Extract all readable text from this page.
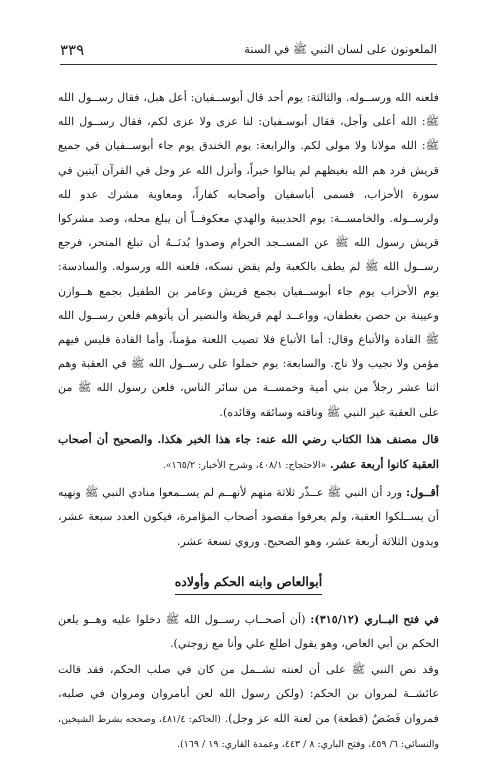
الملعونون على لسان النبي ﷺ في السنة
٣٣٩

فلعنه الله ورســوله. والثالثة: يوم أحد قال أبوســفيان: أعل هبل، فقال رســول الله ﷺ: الله أعلى وأجل، فقال أبوسـفيان: لنا عزى ولا عزى لكم، فقال رســول الله ﷺ: الله مولانا ولا مولى لكم. والرابعة: يوم الخندق يوم جاء أبوســفيان في جميع قريش فرد هم الله بغيظهم لم ينالوا خيراً، وأنزل الله عز وجل في القرآن آيتين في سورة الأحزاب، فسمى أباسفيان وأصحابه كفاراً، ومعاوية مشرك عدو لله ولرســوله. والخامســة: يوم الحديبية والهدي معكوفــاً أن يبلغ محله، وصد مشركوا قريش رسول الله ﷺ عن المســجد الحرام وصدوا بُدنَــهُ أن تبلغ المنحر، فرجع رســول الله ﷺ لم يطف بالكعبة ولم يقض نسكه، فلعنه الله ورسوله. والسادسة: يوم الأحزاب يوم جاء أبوســفيان بجمع قريش وعامر بن الطفيل بجمع هــوازن وعيينة بن حصن بغطفان، وواعــد لهم قريظة والنضير أن يأتوهم فلعن رســول الله ﷺ القادة والأتباع وقال: أما الأتباع فلا تصيب اللعنة مؤمناً، وأما القادة فليس فيهم مؤمن ولا نجيب ولا ناج. والسابعة: يوم حملوا على رســول الله ﷺ في العقبة وهم اثنا عشر رجلاً من بني أمية وخمســة من سائر الناس، فلعن رسول الله ﷺ من على العقبة غير النبي ﷺ وناقته وسائقه وقائده).

قال مصنف هذا الكتاب رضي الله عنه: جاء هذا الخبر هكذا. والصحيح أن أصحاب العقبة كانوا أربعة عشر. «الاحتجاج: ٤٠٨/١، وشرح الأخبار: ١٦٥/٢».

أقــول: ورد أن النبي ﷺ عــذّر ثلاثة منهم لأنهــم لم يســمعوا منادي النبي ﷺ ونهيه أن يســلكوا العقبة، ولم يعرفوا مقصود أصحاب المؤامرة، فيكون العدد سبعة عشر، ويدون الثلاثة أربعة عشر، وهو الصحيح. وروي تسعة عشر.

أبوالعاص وابنه الحكم وأولاده

في فتح البــاري (٣١٥/١٢): (أن أصحــاب رســول الله ﷺ دخلوا عليه وهــو يلعن الحكم بن أبي العاص، وهو يقول اطلع علي وأنا مع زوجتي).

وقد نص النبي ﷺ على أن لعنته تشــمل من كان في صلب الحكم، فقد قالت عائشــة لمروان بن الحكم: (ولكن رسول الله لعن أبامروان ومروان في صلبه، فمروان فَضَضٌ (قطعة) من لعنة الله عز وجل). (الحاكم: ٤٨١/٤، وصححه بشرط الشيخين، والنسائي: ٦/ ٤٥٩، وفتح الباري: ٨ / ٤٤٣، وعمدة القاري: ١٩ / ١٦٩).
